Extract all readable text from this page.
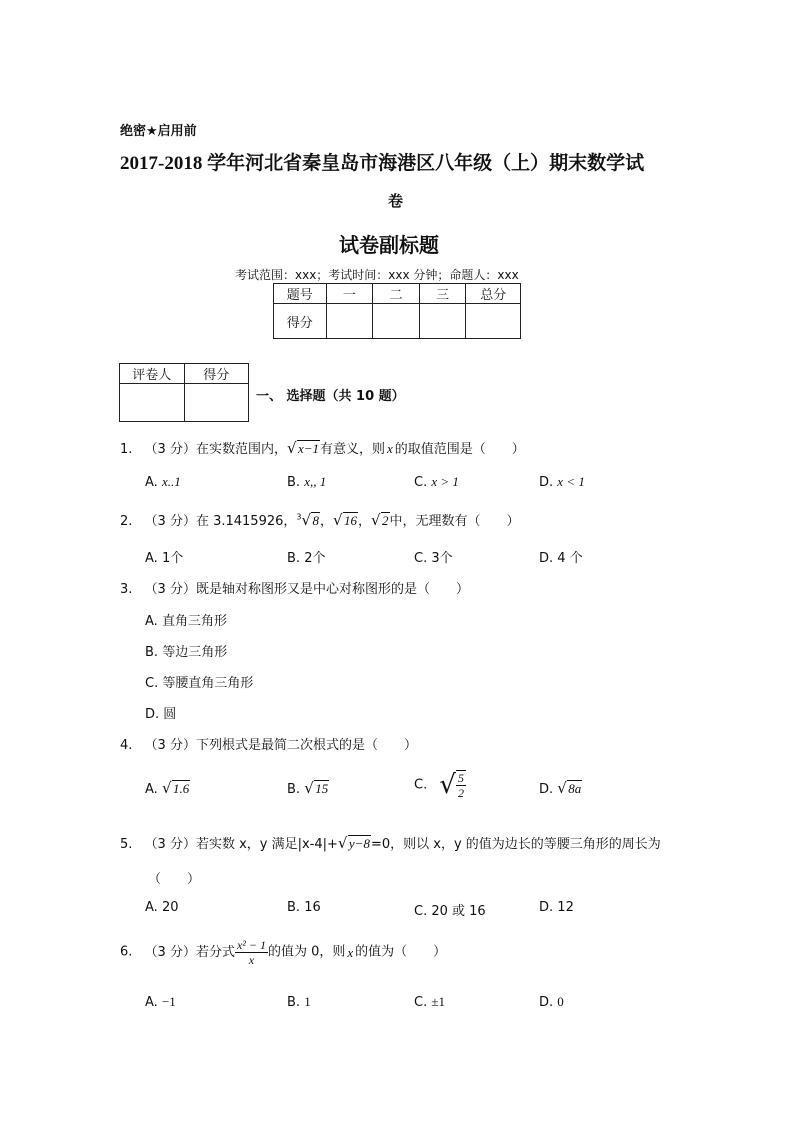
绝密★启用前
2017-2018 学年河北省秦皇岛市海港区八年级（上）期末数学试
卷
试卷副标题
考试范围：xxx；考试时间：xxx 分钟；命题人：xxx
题号	一	二	三	总分
得分				
评卷人	得分

一、 选择题（共 10 题）
1. （3 分）在实数范围内， √ x−1有意义，则 x 的取值范围是（　　）
A. x..1	B. x,, 1	C. x > 1	D. x < 1
2. （3 分）在 3.1415926，$^3$ √ 8， √ 16， √ 2中，无理数有（　　）
A. 1个	B. 2个	C. 3个	D. 4 个
3. （3 分）既是轴对称图形又是中心对称图形的是（　　）
A. 直角三角形
B. 等边三角形
C. 等腰直角三角形
D. 圆
4. （3 分）下列根式是最简二次根式的是（　　）
A. √ 1.6	B. √ 15	C. √ $\frac{5}{2}$	D. √ 8a
5. （3 分）若实数 x，y 满足|x-4|+ √ y−8=0，则以 x，y 的值为边长的等腰三角形的周长为
（　　）
A. 20	B. 16	C. 20 或 16	D. 12
6. （3 分）若分式 $\frac{\text{x² − 1}}{x}$ 的值为 0，则 x 的值为（　　）
A. −1	B. 1	C. ±1	D. 0
